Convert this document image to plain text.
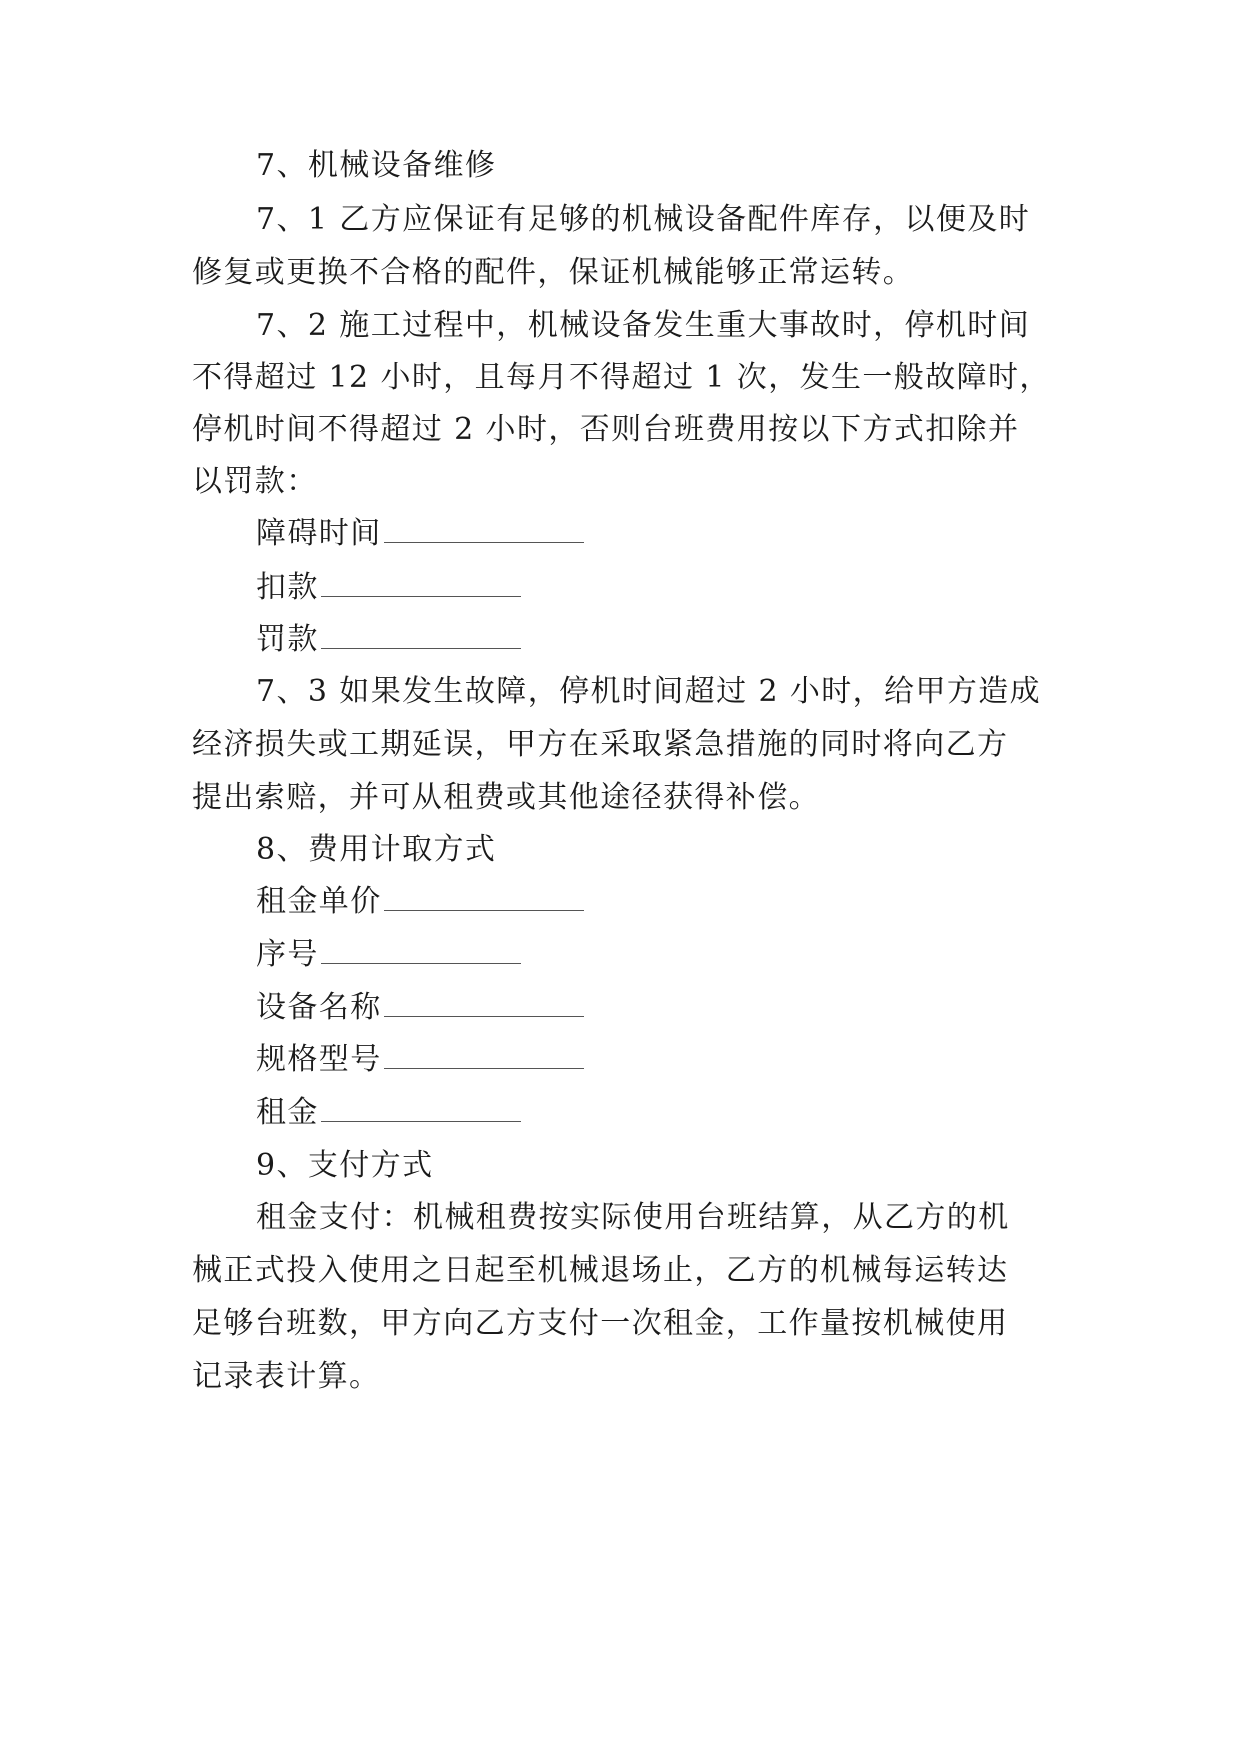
7、机械设备维修
7、1 乙方应保证有足够的机械设备配件库存，以便及时
修复或更换不合格的配件，保证机械能够正常运转。
7、2 施工过程中，机械设备发生重大事故时，停机时间
不得超过 12 小时，且每月不得超过 1 次，发生一般故障时，
停机时间不得超过 2 小时，否则台班费用按以下方式扣除并
以罚款：
障碍时间
扣款
罚款
7、3 如果发生故障，停机时间超过 2 小时，给甲方造成
经济损失或工期延误，甲方在采取紧急措施的同时将向乙方
提出索赔，并可从租费或其他途径获得补偿。
8、费用计取方式
租金单价
序号
设备名称
规格型号
租金
9、支付方式
租金支付：机械租费按实际使用台班结算，从乙方的机
械正式投入使用之日起至机械退场止，乙方的机械每运转达
足够台班数，甲方向乙方支付一次租金，工作量按机械使用
记录表计算。
